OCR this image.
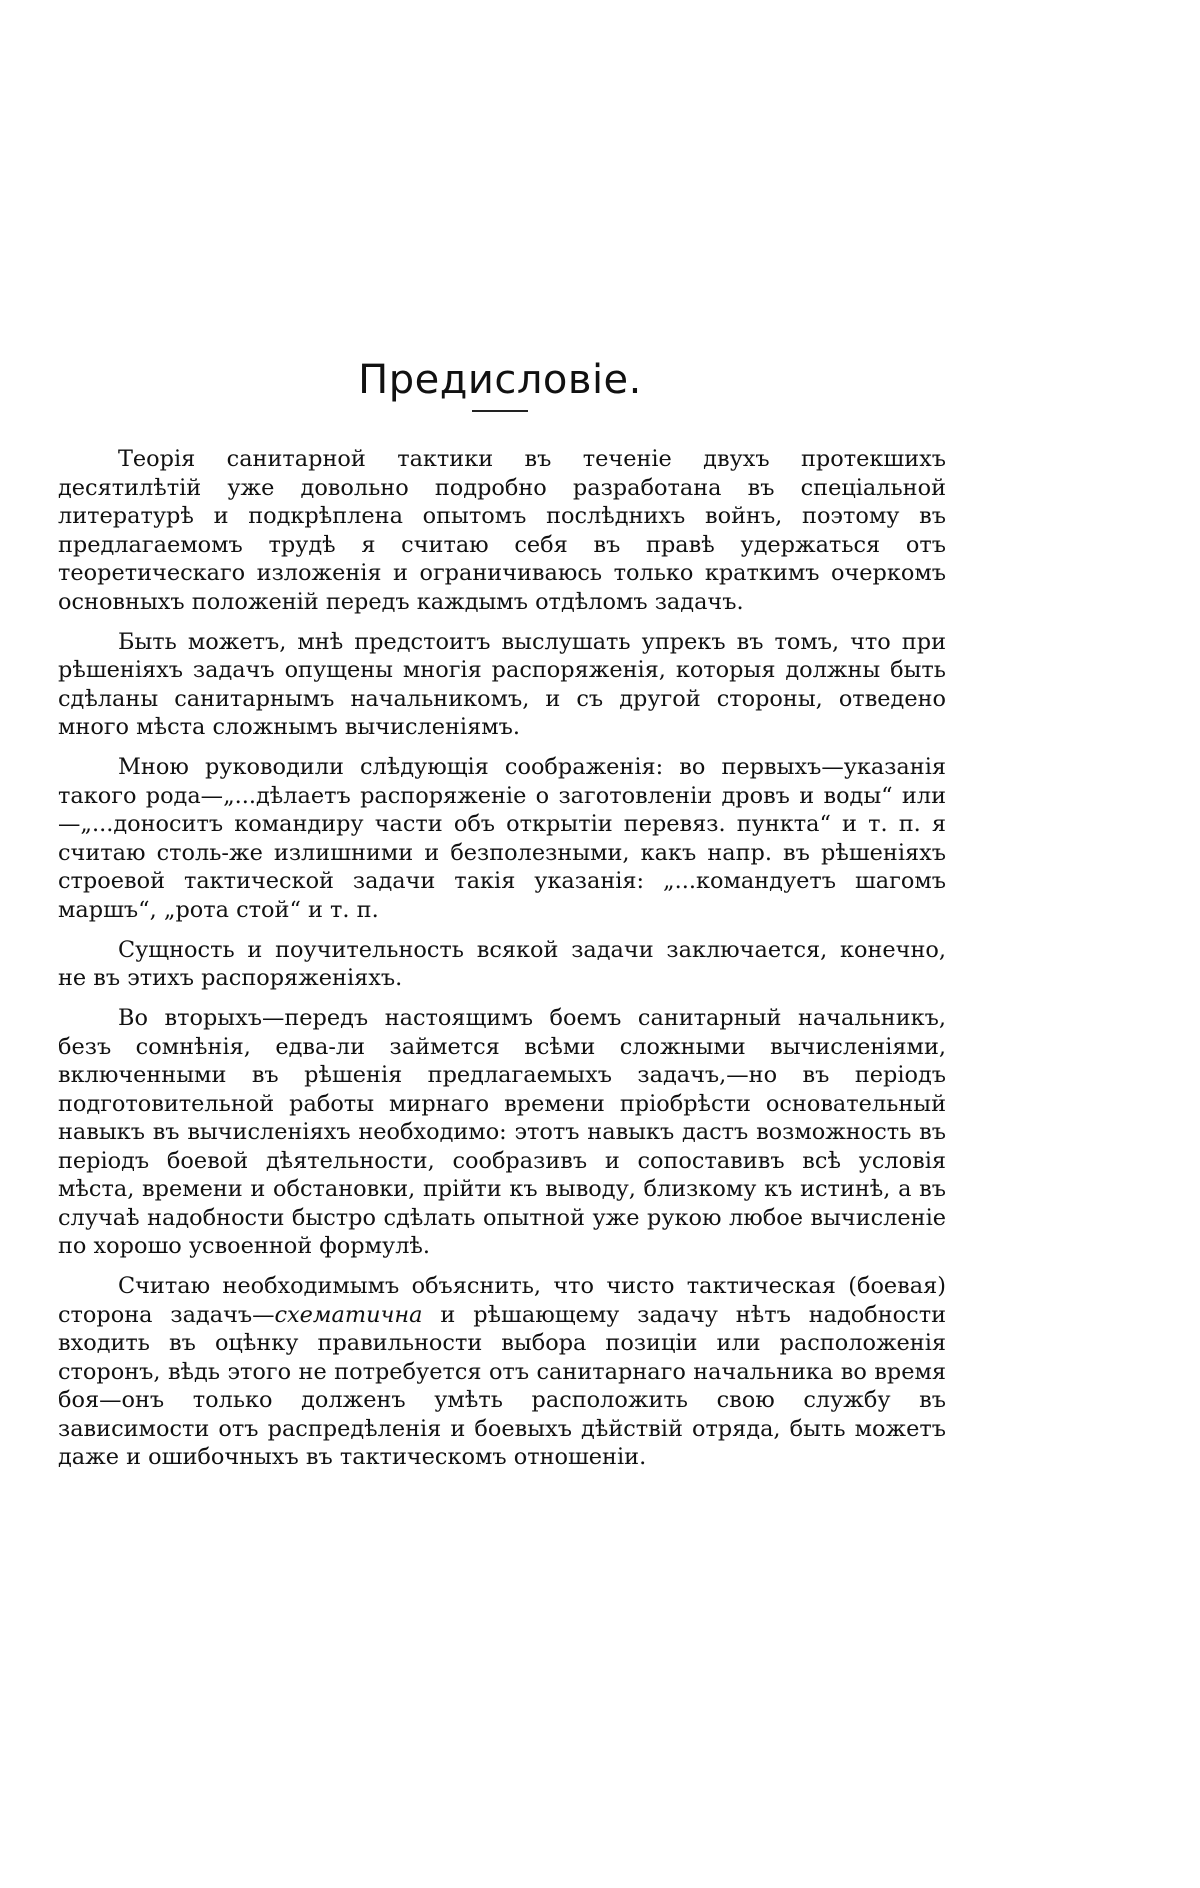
Предисловіе.

Теорія санитарной тактики въ теченіе двухъ протекшихъ десятилѣтій уже довольно подробно разработана въ спеціальной литературѣ и подкрѣплена опытомъ послѣднихъ войнъ, поэтому въ предлагаемомъ трудѣ я считаю себя въ правѣ удержаться отъ теоретическаго изложенія и ограничиваюсь только краткимъ очеркомъ основныхъ положеній передъ каждымъ отдѣломъ задачъ.

Быть можетъ, мнѣ предстоитъ выслушать упрекъ въ томъ, что при рѣшеніяхъ задачъ опущены многія распоряженія, которыя должны быть сдѣланы санитарнымъ начальникомъ, и съ другой стороны, отведено много мѣста сложнымъ вычисленіямъ.

Мною руководили слѣдующія соображенія: во первыхъ—указанія такого рода—„...дѣлаетъ распоряженіе о заготовленіи дровъ и воды“ или—„...доноситъ командиру части объ открытіи перевяз. пункта“ и т. п. я считаю столь-же излишними и безполезными, какъ напр. въ рѣшеніяхъ строевой тактической задачи такія указанія: „...командуетъ шагомъ маршъ“, „рота стой“ и т. п.

Сущность и поучительность всякой задачи заключается, конечно, не въ этихъ распоряженіяхъ.

Во вторыхъ—передъ настоящимъ боемъ санитарный начальникъ, безъ сомнѣнія, едва-ли займется всѣми сложными вычисленіями, включенными въ рѣшенія предлагаемыхъ задачъ,—но въ періодъ подготовительной работы мирнаго времени пріобрѣсти основательный навыкъ въ вычисленіяхъ необходимо: этотъ навыкъ дастъ возможность въ періодъ боевой дѣятельности, сообразивъ и сопоставивъ всѣ условія мѣста, времени и обстановки, прійти къ выводу, близкому къ истинѣ, а въ случаѣ надобности быстро сдѣлать опытной уже рукою любое вычисленіе по хорошо усвоенной формулѣ.

Считаю необходимымъ объяснить, что чисто тактическая (боевая) сторона задачъ—схематична и рѣшающему задачу нѣтъ надобности входить въ оцѣнку правильности выбора позиціи или расположенія сторонъ, вѣдь этого не потребуется отъ санитарнаго начальника во время боя—онъ только долженъ умѣть расположить свою службу въ зависимости отъ распредѣленія и боевыхъ дѣйствій отряда, быть можетъ даже и ошибочныхъ въ тактическомъ отношеніи.
